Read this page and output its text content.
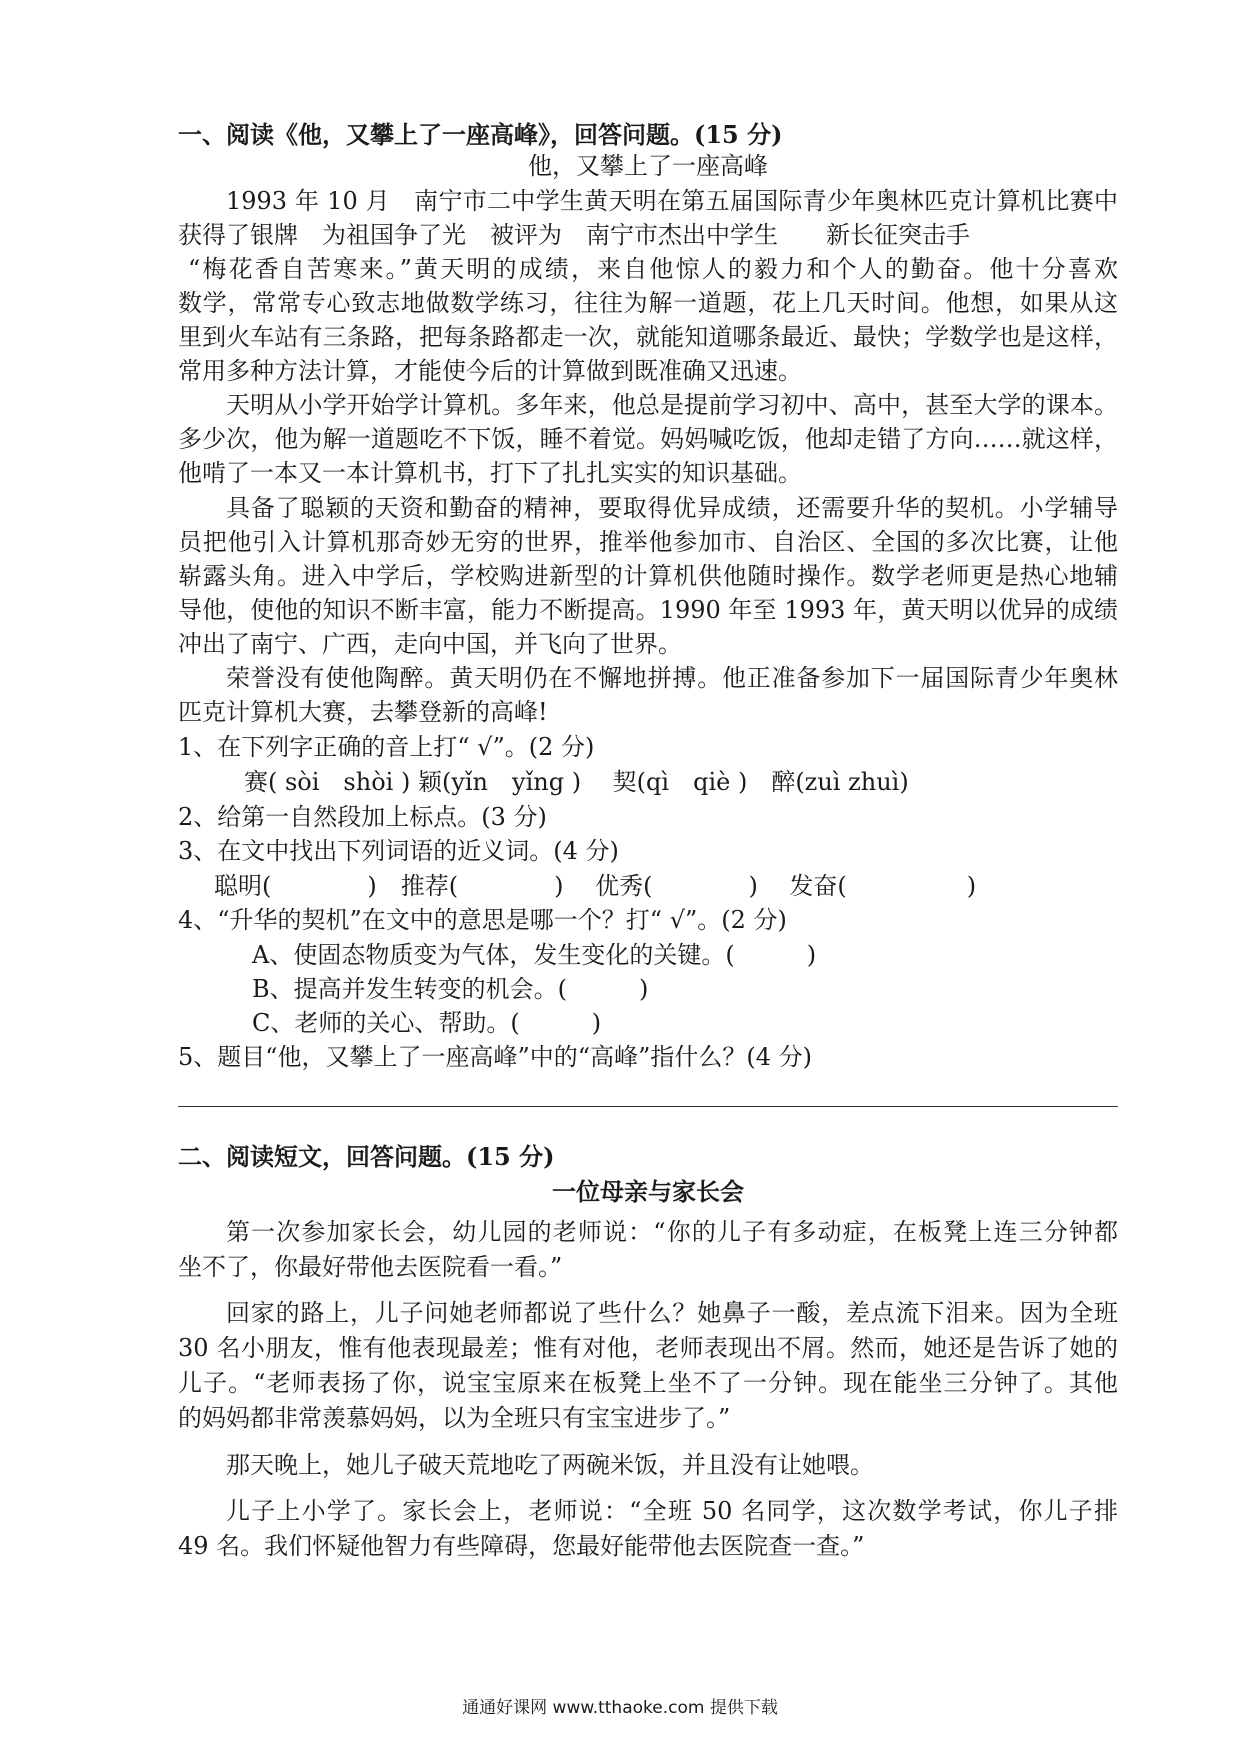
一、阅读《他，又攀上了一座高峰》，回答问题。(15 分)
他，又攀上了一座高峰
1993 年 10 月　南宁市二中学生黄天明在第五届国际青少年奥林匹克计算机比赛中
获得了银牌　为祖国争了光　被评为　南宁市杰出中学生　　新长征突击手
“梅花香自苦寒来。”黄天明的成绩，来自他惊人的毅力和个人的勤奋。他十分喜欢
数学，常常专心致志地做数学练习，往往为解一道题，花上几天时间。他想，如果从这
里到火车站有三条路，把每条路都走一次，就能知道哪条最近、最快；学数学也是这样，
常用多种方法计算，才能使今后的计算做到既准确又迅速。
天明从小学开始学计算机。多年来，他总是提前学习初中、高中，甚至大学的课本。
多少次，他为解一道题吃不下饭，睡不着觉。妈妈喊吃饭，他却走错了方向……就这样，
他啃了一本又一本计算机书，打下了扎扎实实的知识基础。
具备了聪颖的天资和勤奋的精神，要取得优异成绩，还需要升华的契机。小学辅导
员把他引入计算机那奇妙无穷的世界，推举他参加市、自治区、全国的多次比赛，让他
崭露头角。进入中学后，学校购进新型的计算机供他随时操作。数学老师更是热心地辅
导他，使他的知识不断丰富，能力不断提高。1990 年至 1993 年，黄天明以优异的成绩
冲出了南宁、广西，走向中国，并飞向了世界。
荣誉没有使他陶醉。黄天明仍在不懈地拼搏。他正准备参加下一届国际青少年奥林
匹克计算机大赛，去攀登新的高峰!
1、在下列字正确的音上打“ √”。(2 分)
赛( sòi　shòi ) 颖(yǐn　yǐng )　 契(qì　qiè )　醉(zuì zhuì)
2、给第一自然段加上标点。(3 分)
3、在文中找出下列词语的近义词。(4 分)
聪明(　　　　)　推荐(　　　　)　 优秀(　　　　)　 发奋(　　　　　)
4、“升华的契机”在文中的意思是哪一个？打“ √”。(2 分)
A、使固态物质变为气体，发生变化的关键。(　　　)
B、提高并发生转变的机会。(　　　)
C、老师的关心、帮助。(　　　)
5、题目“他，又攀上了一座高峰”中的“高峰”指什么？(4 分)
二、阅读短文，回答问题。(15 分)
一位母亲与家长会
第一次参加家长会，幼儿园的老师说：“你的儿子有多动症，在板凳上连三分钟都
坐不了，你最好带他去医院看一看。”
回家的路上，儿子问她老师都说了些什么？她鼻子一酸，差点流下泪来。因为全班
30 名小朋友，惟有他表现最差；惟有对他，老师表现出不屑。然而，她还是告诉了她的
儿子。“老师表扬了你，说宝宝原来在板凳上坐不了一分钟。现在能坐三分钟了。其他
的妈妈都非常羡慕妈妈，以为全班只有宝宝进步了。”
那天晚上，她儿子破天荒地吃了两碗米饭，并且没有让她喂。
儿子上小学了。家长会上，老师说：“全班 50 名同学，这次数学考试，你儿子排
49 名。我们怀疑他智力有些障碍，您最好能带他去医院查一查。”
通通好课网 www.tthaoke.com 提供下载
